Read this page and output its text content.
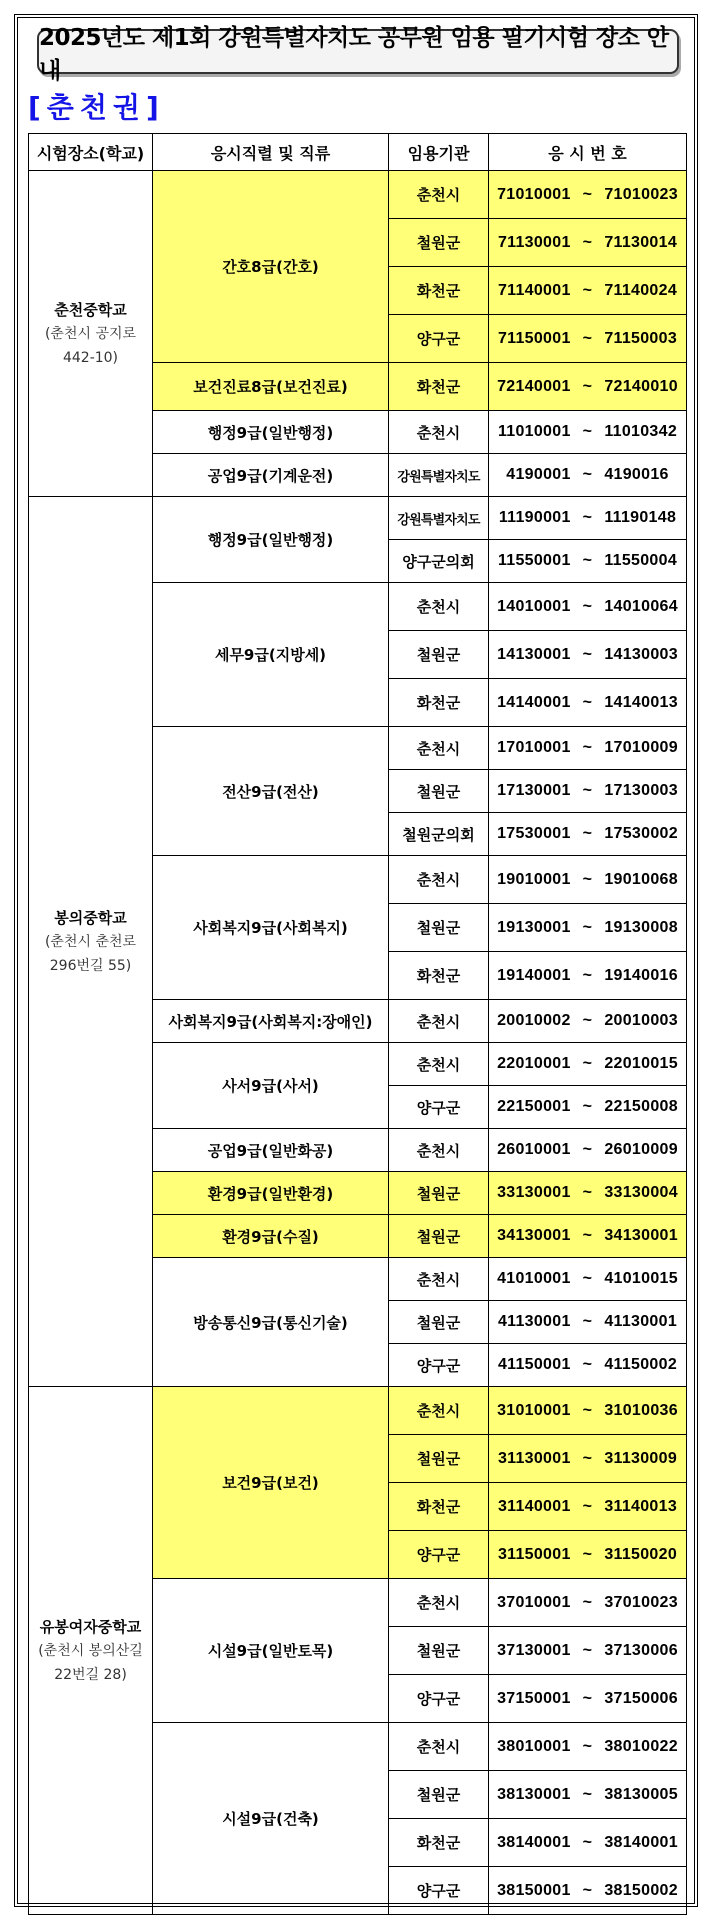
2025년도 제1회 강원특별자치도 공무원 임용 필기시험 장소 안내
[춘천권]
시험장소(학교)	응시직렬 및 직류	임용기관	응 시 번 호
춘천중학교
(춘천시 공지로
442-10)	간호8급(간호)	춘천시	71010001 ~ 71010023
		철원군	71130001 ~ 71130014
		화천군	71140001 ~ 71140024
		양구군	71150001 ~ 71150003
	보건진료8급(보건진료)	화천군	72140001 ~ 72140010
	행정9급(일반행정)	춘천시	11010001 ~ 11010342
	공업9급(기계운전)	강원특별자치도	4190001 ~ 4190016
봉의중학교
(춘천시 춘천로
296번길 55)	행정9급(일반행정)	강원특별자치도	11190001 ~ 11190148
		양구군의회	11550001 ~ 11550004
	세무9급(지방세)	춘천시	14010001 ~ 14010064
		철원군	14130001 ~ 14130003
		화천군	14140001 ~ 14140013
	전산9급(전산)	춘천시	17010001 ~ 17010009
		철원군	17130001 ~ 17130003
		철원군의회	17530001 ~ 17530002
	사회복지9급(사회복지)	춘천시	19010001 ~ 19010068
		철원군	19130001 ~ 19130008
		화천군	19140001 ~ 19140016
	사회복지9급(사회복지:장애인)	춘천시	20010002 ~ 20010003
	사서9급(사서)	춘천시	22010001 ~ 22010015
		양구군	22150001 ~ 22150008
	공업9급(일반화공)	춘천시	26010001 ~ 26010009
	환경9급(일반환경)	철원군	33130001 ~ 33130004
	환경9급(수질)	철원군	34130001 ~ 34130001
	방송통신9급(통신기술)	춘천시	41010001 ~ 41010015
		철원군	41130001 ~ 41130001
		양구군	41150001 ~ 41150002
유봉여자중학교
(춘천시 봉의산길
22번길 28)	보건9급(보건)	춘천시	31010001 ~ 31010036
		철원군	31130001 ~ 31130009
		화천군	31140001 ~ 31140013
		양구군	31150001 ~ 31150020
	시설9급(일반토목)	춘천시	37010001 ~ 37010023
		철원군	37130001 ~ 37130006
		양구군	37150001 ~ 37150006
	시설9급(건축)	춘천시	38010001 ~ 38010022
		철원군	38130001 ~ 38130005
		화천군	38140001 ~ 38140001
		양구군	38150001 ~ 38150002
